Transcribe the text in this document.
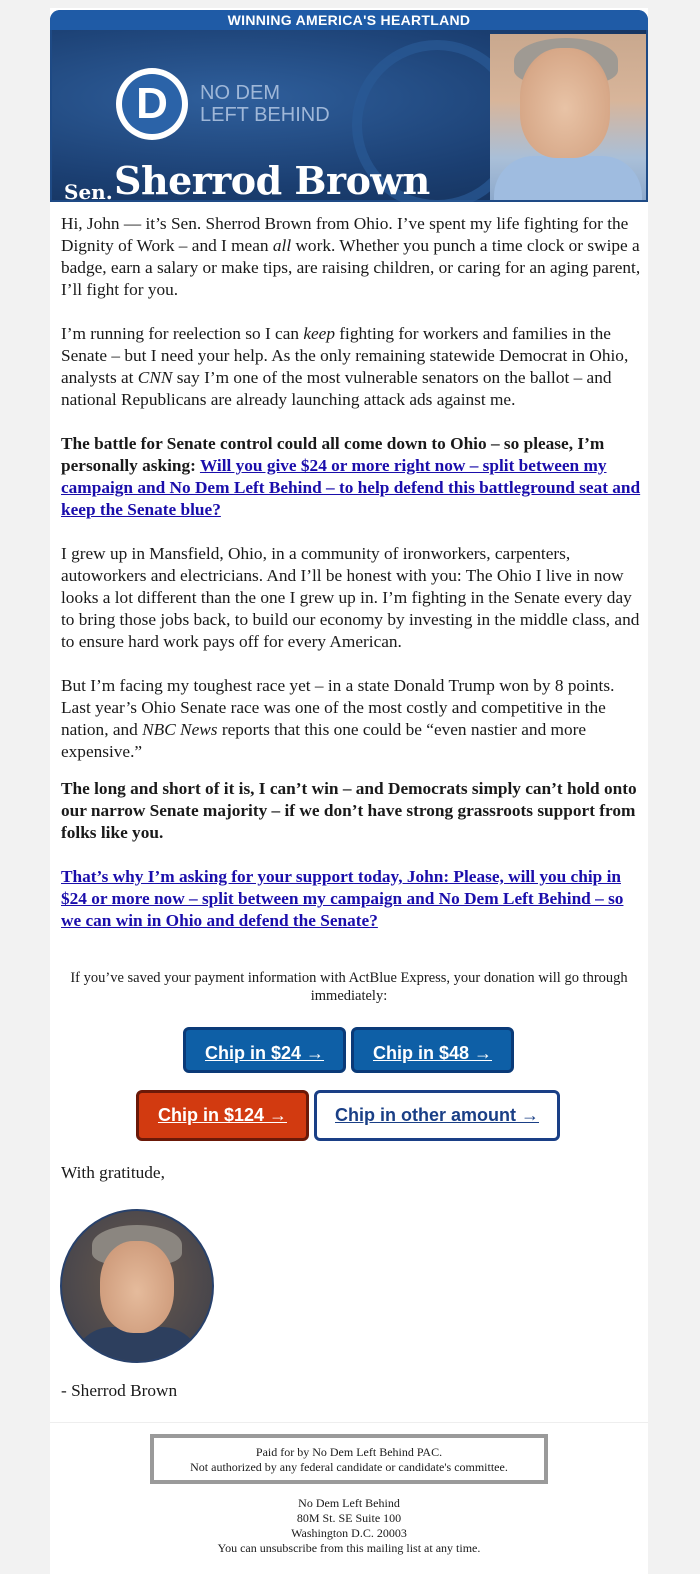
WINNING AMERICA'S HEARTLAND
D	NO DEM
LEFT BEHIND
Sen. Sherrod Brown

Hi, John — it’s Sen. Sherrod Brown from Ohio. I’ve spent my life fighting for the Dignity of Work – and I mean all work. Whether you punch a time clock or swipe a badge, earn a salary or make tips, are raising children, or caring for an aging parent, I’ll fight for you.

I’m running for reelection so I can keep fighting for workers and families in the Senate – but I need your help. As the only remaining statewide Democrat in Ohio, analysts at CNN say I’m one of the most vulnerable senators on the ballot – and national Republicans are already launching attack ads against me.

The battle for Senate control could all come down to Ohio – so please, I’m personally asking: Will you give $24 or more right now – split between my campaign and No Dem Left Behind – to help defend this battleground seat and keep the Senate blue?

I grew up in Mansfield, Ohio, in a community of ironworkers, carpenters, autoworkers and electricians. And I’ll be honest with you: The Ohio I live in now looks a lot different than the one I grew up in. I’m fighting in the Senate every day to bring those jobs back, to build our economy by investing in the middle class, and to ensure hard work pays off for every American.

But I’m facing my toughest race yet – in a state Donald Trump won by 8 points. Last year’s Ohio Senate race was one of the most costly and competitive in the nation, and NBC News reports that this one could be “even nastier and more expensive.”

The long and short of it is, I can’t win – and Democrats simply can’t hold onto our narrow Senate majority – if we don’t have strong grassroots support from folks like you.

That’s why I’m asking for your support today, John: Please, will you chip in $24 or more now – split between my campaign and No Dem Left Behind – so we can win in Ohio and defend the Senate?

If you’ve saved your payment information with ActBlue Express, your donation will go through immediately:
Chip in $24 →	Chip in $48 →
Chip in $124 →	Chip in other amount →
With gratitude,
- Sherrod Brown
Paid for by No Dem Left Behind PAC.
Not authorized by any federal candidate or candidate's committee.
No Dem Left Behind
80M St. SE Suite 100
Washington D.C. 20003
You can unsubscribe from this mailing list at any time.
